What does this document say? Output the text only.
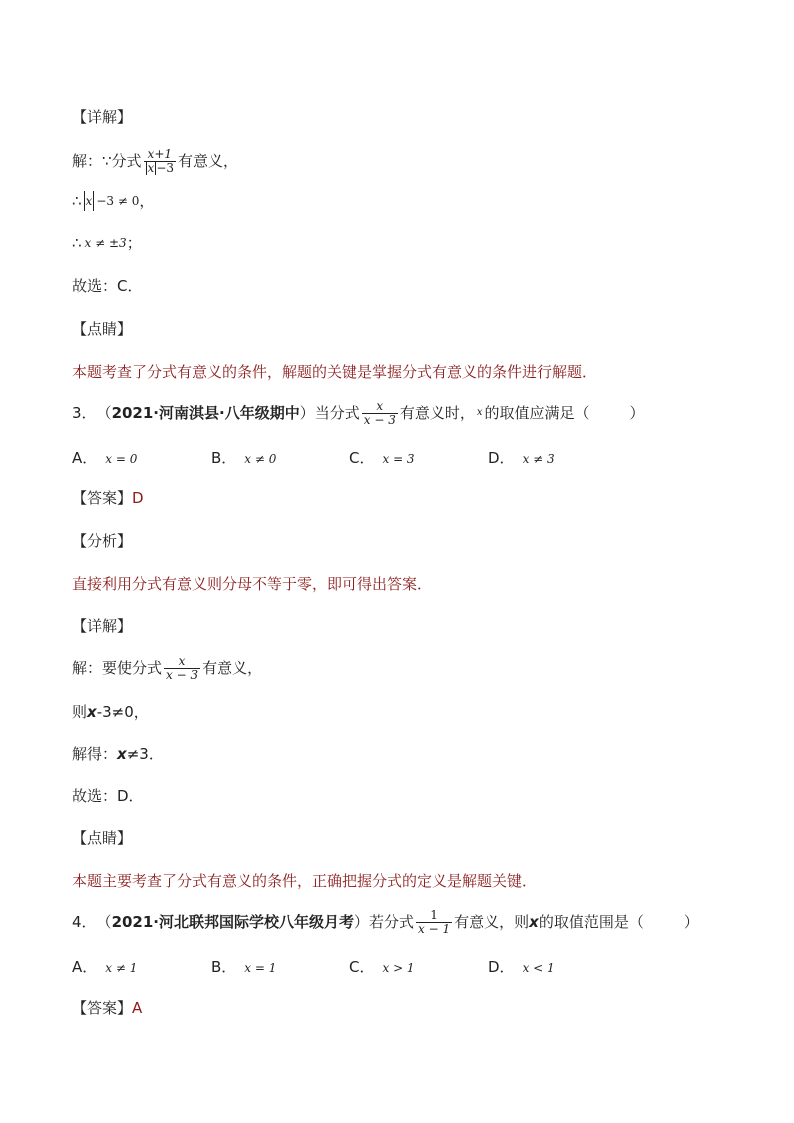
【详解】
解：∵分式 $\frac{x+1}{x -3}$ 有意义，
∴ x −3 ≠ 0 ，
∴ x ≠ ±3 ；
故选：C．
【点睛】
本题考查了分式有意义的条件，解题的关键是掌握分式有意义的条件进行解题．
3． （ 2021·河南淇县·八年级期中 ） 当分式 $\frac{x}{x - 3}$ 有意义时， x 的取值应满足（	）
A． x = 0	B． x ≠ 0	C． x = 3	D． x ≠ 3
【答案】 D
【分析】
直接利用分式有意义则分母不等于零，即可得出答案．
【详解】
解：要使分式 $\frac{x}{x - 3}$ 有意义，
则 x -3≠0，
解得： x ≠3．
故选：D．
【点睛】
本题主要考查了分式有意义的条件，正确把握分式的定义是解题关键．
4． （ 2021·河北联邦国际学校八年级月考 ） 若分式 $\frac{1}{x - 1}$ 有意义，则 x 的取值范围是（	）
A． x ≠ 1	B． x = 1	C． x > 1	D． x < 1
【答案】 A
